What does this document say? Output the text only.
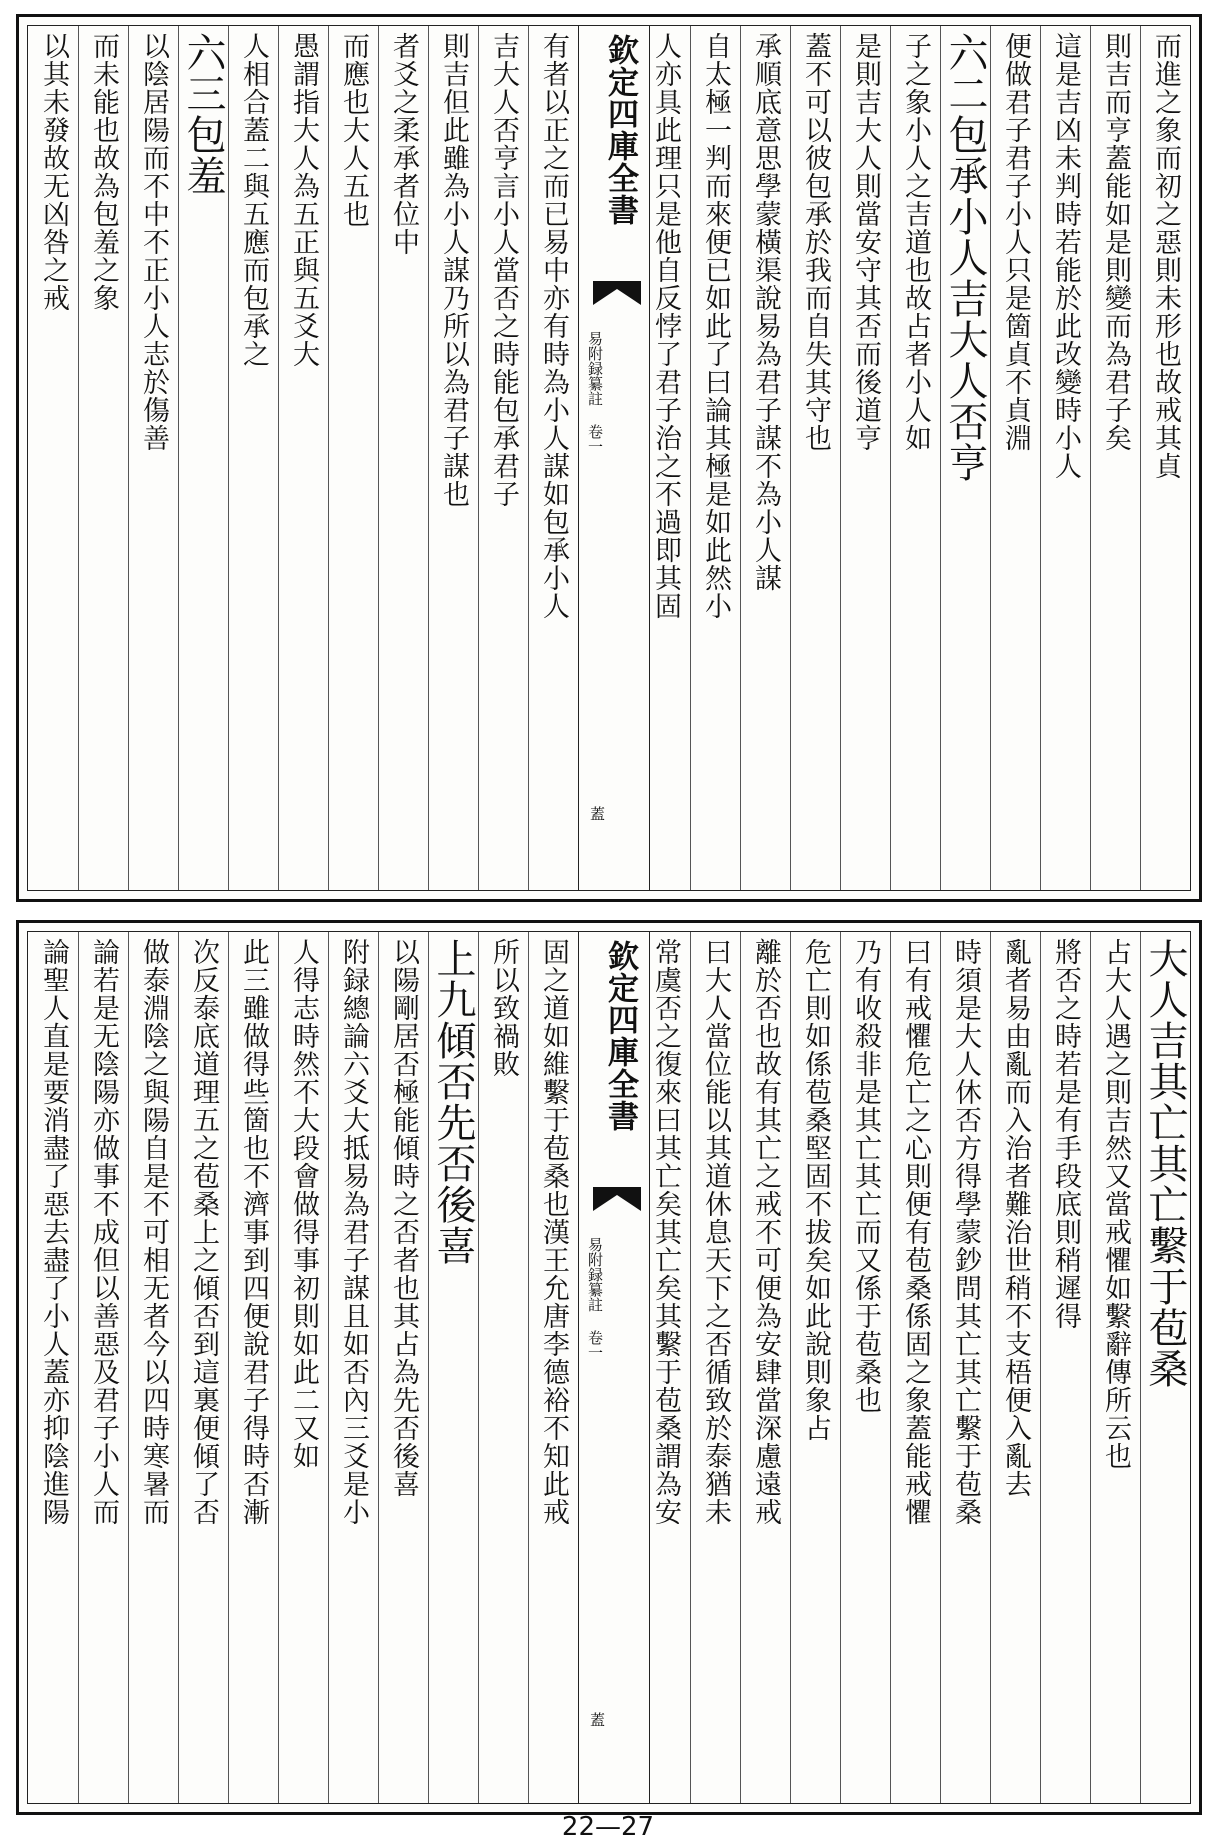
而進之象而初之惡則未形也故戒其貞
則吉而亨蓋能如是則變而為君子矣
這是吉凶未判時若能於此改變時小人
便做君子君子小人只是箇貞不貞淵
六二包承小人吉大人否亨
子之象小人之吉道也故占者小人如
是則吉大人則當安守其否而後道亨
蓋不可以彼包承於我而自失其守也
承順底意思學蒙橫渠說易為君子謀不為小人謀
自太極一判而來便已如此了曰論其極是如此然小
人亦具此理只是他自反悖了君子治之不過即其固
欽定四庫全書
易附録纂註 卷一
蓋
有者以正之而已易中亦有時為小人謀如包承小人
吉大人否亨言小人當否之時能包承君子
則吉但此雖為小人謀乃所以為君子謀也
者爻之柔承者位中
而應也大人五也
愚謂指大人為五正與五爻大
人相合蓋二與五應而包承之
六三包羞
以陰居陽而不中不正小人志於傷善
而未能也故為包羞之象
以其未發故无凶咎之戒
大人吉其亡其亡繫于苞桑
占大人遇之則吉然又當戒懼如繫辭傳所云也
將否之時若是有手段底則稍遲得
亂者易由亂而入治者難治世稍不支梧便入亂去
時須是大人休否方得學蒙鈔問其亡其亡繫于苞桑
曰有戒懼危亡之心則便有苞桑係固之象蓋能戒懼
乃有收殺非是其亡其亡而又係于苞桑也
危亡則如係苞桑堅固不拔矣如此說則象占
離於否也故有其亡之戒不可便為安肆當深慮遠戒
曰大人當位能以其道休息天下之否循致於泰猶未
常虞否之復來曰其亡矣其亡矣其繫于苞桑謂為安
欽定四庫全書
易附録纂註 卷一
蓋
固之道如維繫于苞桑也漢王允唐李德裕不知此戒
所以致禍敗
上九傾否先否後喜
以陽剛居否極能傾時之否者也其占為先否後喜
附録總論六爻大抵易為君子謀且如否內三爻是小
人得志時然不大段會做得事初則如此二又如
此三雖做得些箇也不濟事到四便說君子得時否漸
次反泰底道理五之苞桑上之傾否到這裏便傾了否
做泰淵陰之與陽自是不可相无者今以四時寒暑而
論若是无陰陽亦做事不成但以善惡及君子小人而
論聖人直是要消盡了惡去盡了小人蓋亦抑陰進陽
22—27
